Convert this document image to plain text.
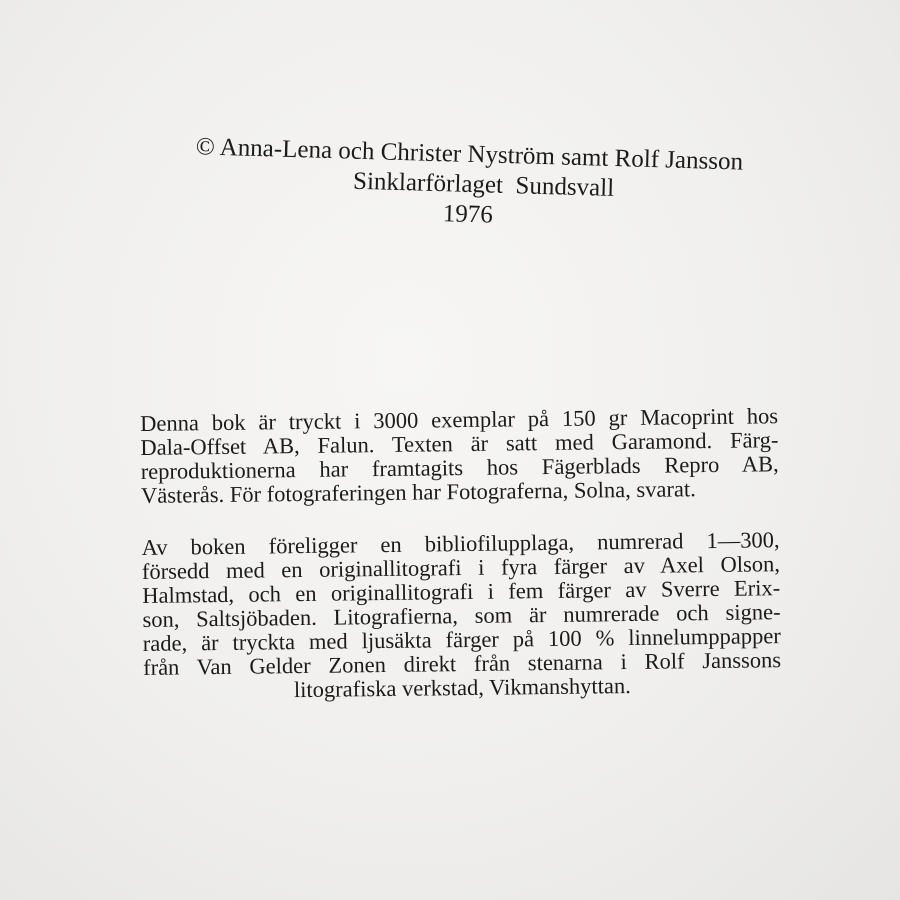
© Anna-Lena och Christer Nyström samt Rolf Jansson
Sinklarförlaget  Sundsvall
1976

Denna bok är tryckt i 3000 exemplar på 150 gr Macoprint hos
Dala-Offset AB, Falun. Texten är satt med Garamond. Färg-
reproduktionerna har framtagits hos Fägerblads Repro AB,
Västerås. För fotograferingen har Fotograferna, Solna, svarat.

Av boken föreligger en bibliofilupplaga, numrerad 1—300,
försedd med en originallitografi i fyra färger av Axel Olson,
Halmstad, och en originallitografi i fem färger av Sverre Erix-
son, Saltsjöbaden. Litografierna, som är numrerade och signe-
rade, är tryckta med ljusäkta färger på 100 % linnelumppapper
från Van Gelder Zonen direkt från stenarna i Rolf Janssons
litografiska verkstad, Vikmanshyttan.
